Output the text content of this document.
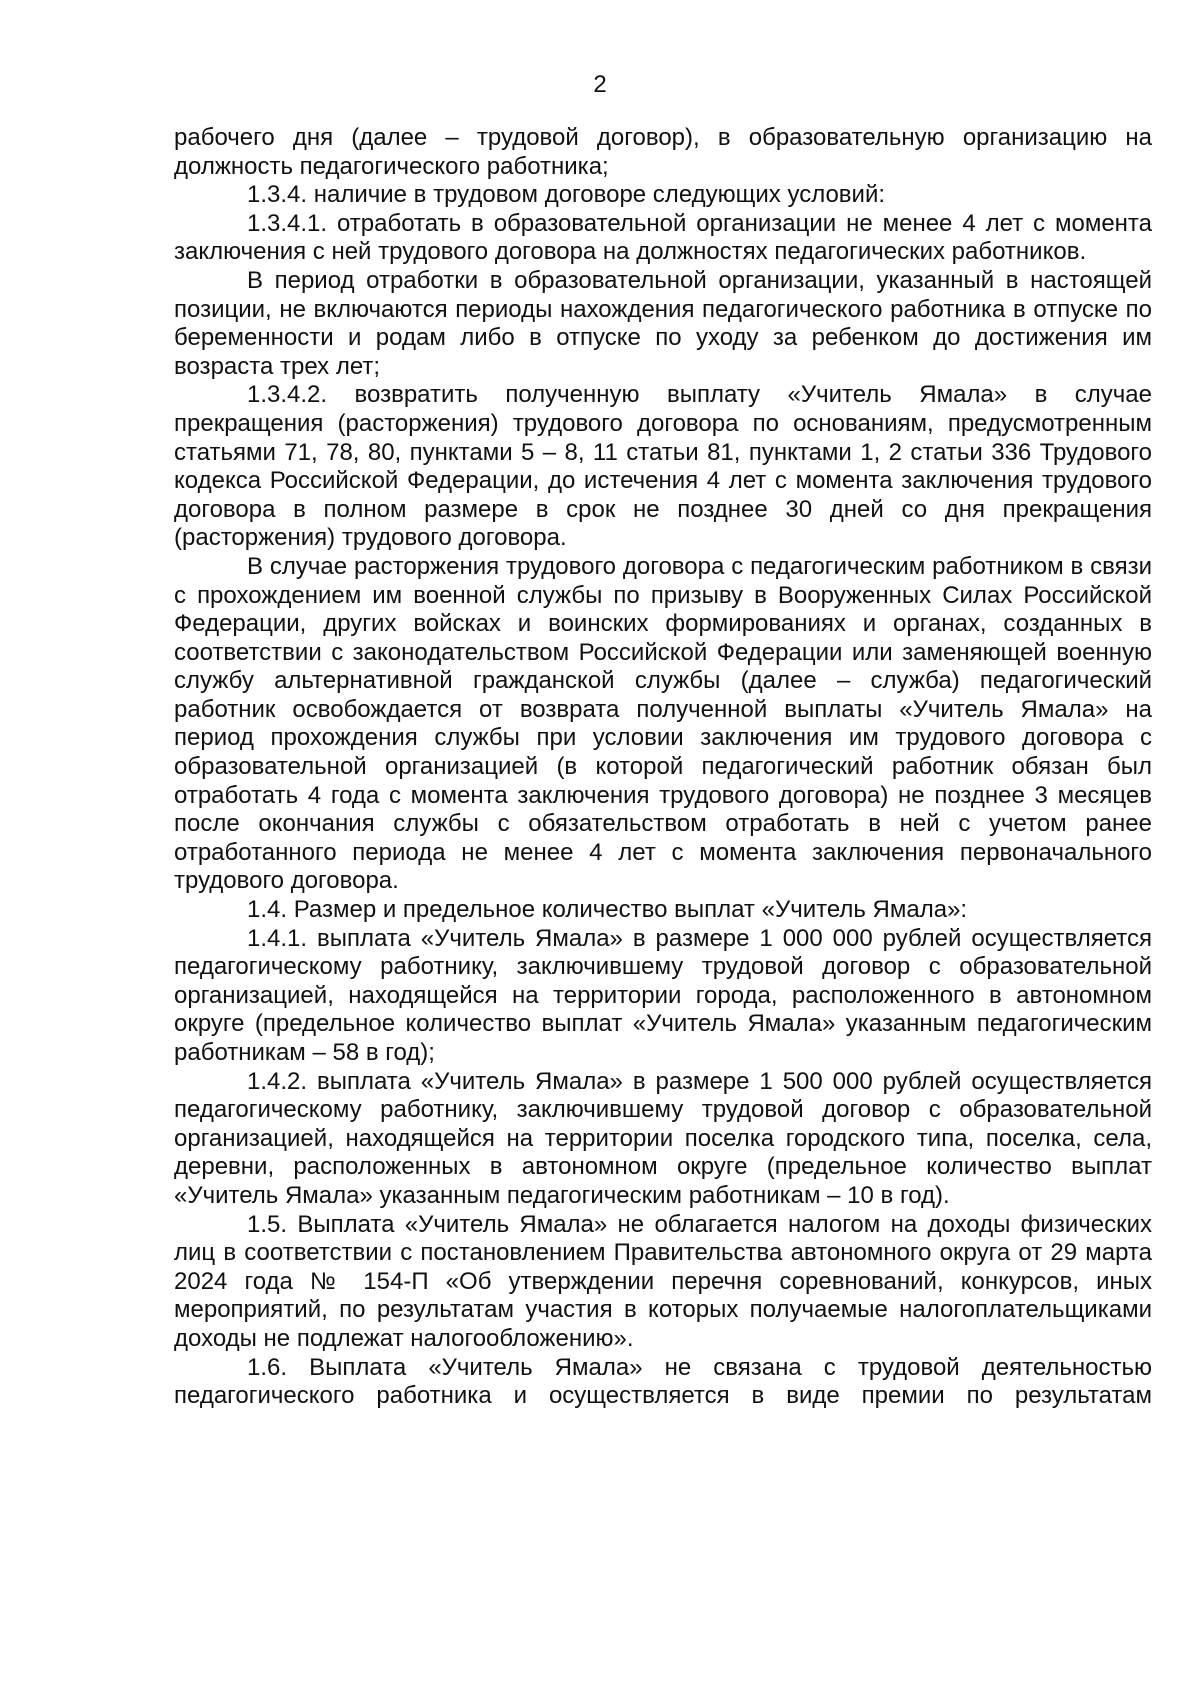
2

рабочего дня (далее – трудовой договор), в образовательную организацию на должность педагогического работника;

1.3.4. наличие в трудовом договоре следующих условий:

1.3.4.1. отработать в образовательной организации не менее 4 лет с момента заключения с ней трудового договора на должностях педагогических работников.

В период отработки в образовательной организации, указанный в настоящей позиции, не включаются периоды нахождения педагогического работника в отпуске по беременности и родам либо в отпуске по уходу за ребенком до достижения им возраста трех лет;

1.3.4.2. возвратить полученную выплату «Учитель Ямала» в случае прекращения (расторжения) трудового договора по основаниям, предусмотренным статьями 71, 78, 80, пунктами 5 – 8, 11 статьи 81, пунктами 1, 2 статьи 336 Трудового кодекса Российской Федерации, до истечения 4 лет с момента заключения трудового договора в полном размере в срок не позднее 30 дней со дня прекращения (расторжения) трудового договора.

В случае расторжения трудового договора с педагогическим работником в связи с прохождением им военной службы по призыву в Вооруженных Силах Российской Федерации, других войсках и воинских формированиях и органах, созданных в соответствии с законодательством Российской Федерации или заменяющей военную службу альтернативной гражданской службы (далее – служба) педагогический работник освобождается от возврата полученной выплаты «Учитель Ямала» на период прохождения службы при условии заключения им трудового договора с образовательной организацией (в которой педагогический работник обязан был отработать 4 года с момента заключения трудового договора) не позднее 3 месяцев после окончания службы с обязательством отработать в ней с учетом ранее отработанного периода не менее 4 лет с момента заключения первоначального трудового договора.

1.4. Размер и предельное количество выплат «Учитель Ямала»:

1.4.1. выплата «Учитель Ямала» в размере 1 000 000 рублей осуществляется педагогическому работнику, заключившему трудовой договор с образовательной организацией, находящейся на территории города, расположенного в автономном округе (предельное количество выплат «Учитель Ямала» указанным педагогическим работникам – 58 в год);

1.4.2. выплата «Учитель Ямала» в размере 1 500 000 рублей осуществляется педагогическому работнику, заключившему трудовой договор с образовательной организацией, находящейся на территории поселка городского типа, поселка, села, деревни, расположенных в автономном округе (предельное количество выплат «Учитель Ямала» указанным педагогическим работникам – 10 в год).

1.5. Выплата «Учитель Ямала» не облагается налогом на доходы физических лиц в соответствии с постановлением Правительства автономного округа от 29 марта 2024 года № 154-П «Об утверждении перечня соревнований, конкурсов, иных мероприятий, по результатам участия в которых получаемые налогоплательщиками доходы не подлежат налогообложению».

1.6. Выплата «Учитель Ямала» не связана с трудовой деятельностью педагогического работника и осуществляется в виде премии по результатам
